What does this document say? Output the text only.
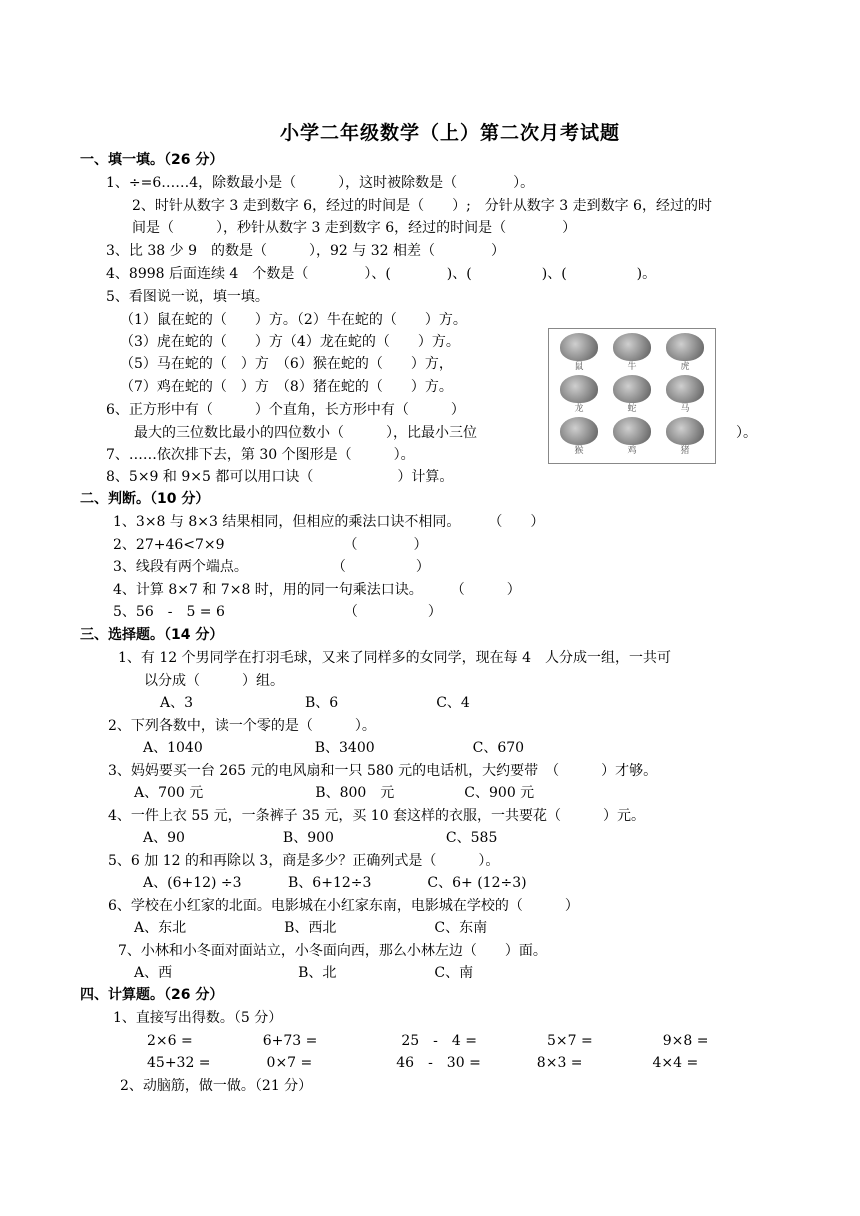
小学二年级数学（上）第二次月考试题
一、填一填。（26 分）
1、÷=6……4，除数最小是（　　　），这时被除数是（　　　　）。
2、时针从数字 3 走到数字 6，经过的时间是（　　）;　分针从数字 3 走到数字 6，经过的时
间是（　　　），秒针从数字 3 走到数字 6，经过的时间是（　　　　）
3、比 38 少 9　的数是（　　　），92 与 32 相差（　　　　）
4、8998 后面连续 4　个数是（　　　　）、(　　　　)、(　　　　　)、(　　　　　)。
5、看图说一说，填一填。
（1）鼠在蛇的（　　）方。（2）牛在蛇的（　　）方。
（3）虎在蛇的（　　）方（4）龙在蛇的（　　）方。
（5）马在蛇的（　）方　（6）猴在蛇的（　　）方，
（7）鸡在蛇的（　）方　（8）猪在蛇的（　　）方。
6、正方形中有（　　　）个直角，长方形中有（　　　）
最大的三位数比最小的四位数小（　　　），比最小三位	）。
7、……依次排下去，第 30 个图形是（　　　）。
8、5×9 和 9×5 都可以用口诀（　　　　　　）计算。
二、判断。（10 分）
1、3×8 与 8×3 结果相同，但相应的乘法口诀不相同。　　　（　　）
2、27+46<7×9　　　　　　　　　（　　　　）
3、线段有两个端点。　　　　　　　（　　　　　）
4、计算 8×7 和 7×8 时，用的同一句乘法口诀。　　　（　　　）
5、56　-　5 = 6　　　　　　　　　（　　　　　）
三、选择题。（14 分）
1、有 12 个男同学在打羽毛球，又来了同样多的女同学，现在每 4　人分成一组，一共可
以分成（　　　）组。
A、3　　　　　　　　B、6　　　　　　　C、4
2、下列各数中，读一个零的是（　　　）。
A、1040　　　　　　　　B、3400　　　　　　　C、670
3、妈妈要买一台 265 元的电风扇和一只 580 元的电话机，大约要带　（　　　）才够。
A、700 元　　　　　　　　B、800　元　　　　　C、900 元
4、一件上衣 55 元，一条裤子 35 元，买 10 套这样的衣服，一共要花（　　　）元。
A、90　　　　　　　B、900　　　　　　　　C、585
5、6 加 12 的和再除以 3，商是多少？正确列式是（　　　）。
A、(6+12) ÷3　　　 B、6+12÷3　　　　C、6+ (12÷3)
6、学校在小红家的北面。电影城在小红家东南，电影城在学校的（　　　）
A、东北　　　　　　　B、西北　　　　　　　C、东南
7、小林和小冬面对面站立，小冬面向西，那么小林左边（　　）面。
A、西　　　　　　　　　B、北　　　　　　　C、南
四、计算题。（26 分）
1、直接写出得数。（5 分）
2×6 =　　　　　6+73 =　　　　　　25　-　4 =　　　　　5×7 =　　　　　9×8 =
45+32 =　　　　0×7 =　　　　　　46　-　30 =　　　　8×3 =　　　　　4×4 =
2、动脑筋，做一做。（21 分）
鼠	牛	虎
龙	蛇	马
猴	鸡	猪
